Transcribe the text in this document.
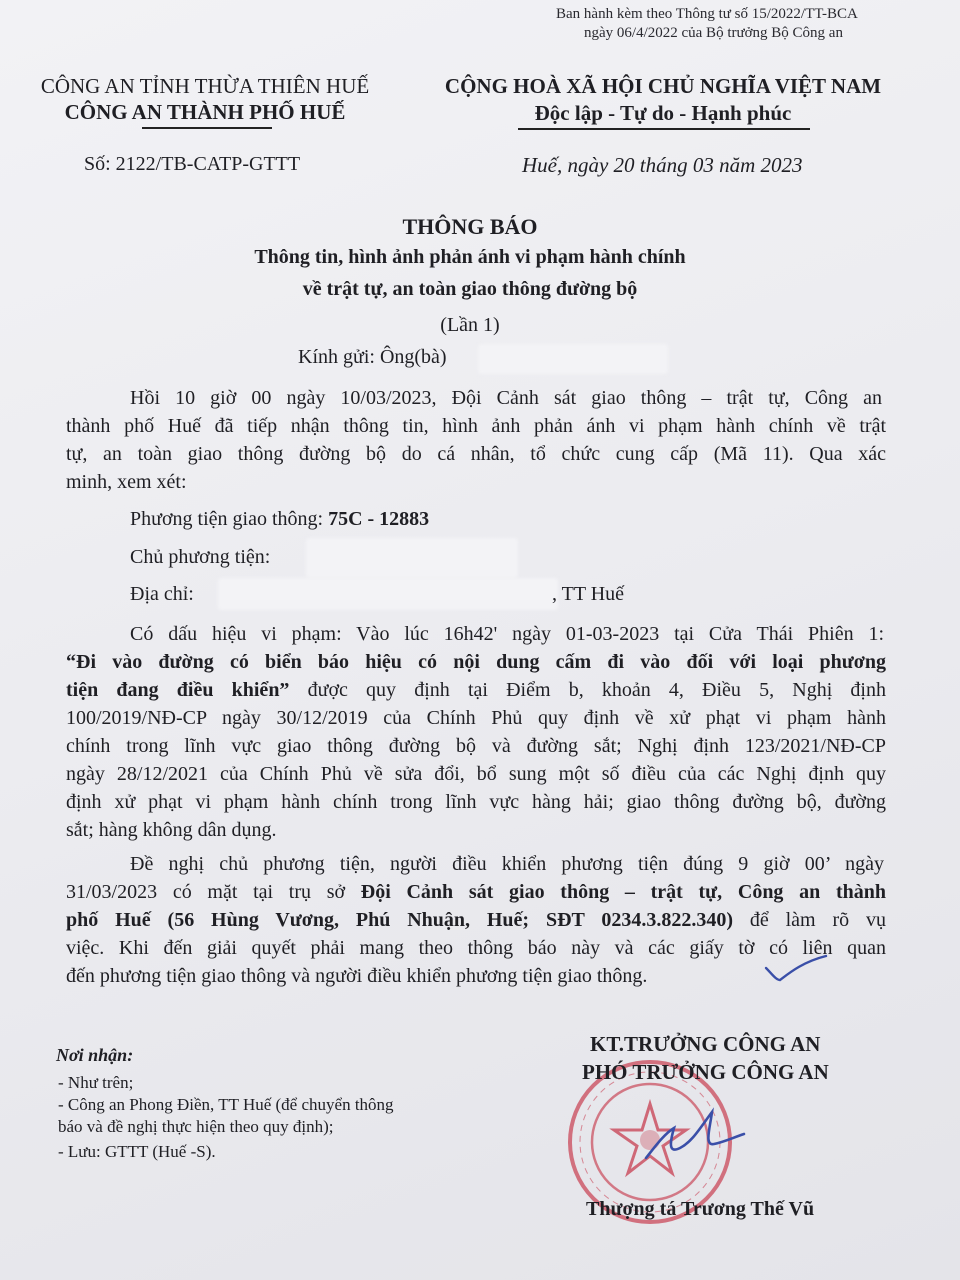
Ban hành kèm theo Thông tư số 15/2022/TT-BCA
ngày 06/4/2022 của Bộ trưởng Bộ Công an
CÔNG AN TỈNH THỪA THIÊN HUẾ
CÔNG AN THÀNH PHỐ HUẾ
Số: 2122/TB-CATP-GTTT
CỘNG HOÀ XÃ HỘI CHỦ NGHĨA VIỆT NAM
Độc lập - Tự do - Hạnh phúc
Huế, ngày 20 tháng 03 năm 2023
THÔNG BÁO
Thông tin, hình ảnh phản ánh vi phạm hành chính
về trật tự, an toàn giao thông đường bộ
(Lần 1)
Kính gửi: Ông(bà)
Hồi 10 giờ 00 ngày 10/03/2023, Đội Cảnh sát giao thông – trật tự, Công an
thành phố Huế đã tiếp nhận thông tin, hình ảnh phản ánh vi phạm hành chính về trật
tự, an toàn giao thông đường bộ do cá nhân, tổ chức cung cấp (Mã 11). Qua xác
minh, xem xét:
Phương tiện giao thông: 75C - 12883
Chủ phương tiện:
Địa chỉ:	, TT Huế
Có dấu hiệu vi phạm: Vào lúc 16h42' ngày 01-03-2023 tại Cửa Thái Phiên 1:
“Đi vào đường có biển báo hiệu có nội dung cấm đi vào đối với loại phương
tiện đang điều khiển” được quy định tại Điểm b, khoản 4, Điều 5, Nghị định
100/2019/NĐ-CP ngày 30/12/2019 của Chính Phủ quy định về xử phạt vi phạm hành
chính trong lĩnh vực giao thông đường bộ và đường sắt; Nghị định 123/2021/NĐ-CP
ngày 28/12/2021 của Chính Phủ về sửa đổi, bổ sung một số điều của các Nghị định quy
định xử phạt vi phạm hành chính trong lĩnh vực hàng hải; giao thông đường bộ, đường
sắt; hàng không dân dụng.
Đề nghị chủ phương tiện, người điều khiển phương tiện đúng 9 giờ 00’ ngày
31/03/2023 có mặt tại trụ sở Đội Cảnh sát giao thông – trật tự, Công an thành
phố Huế (56 Hùng Vương, Phú Nhuận, Huế; SĐT 0234.3.822.340) để làm rõ vụ
việc. Khi đến giải quyết phải mang theo thông báo này và các giấy tờ có liên quan
đến phương tiện giao thông và người điều khiển phương tiện giao thông.
Nơi nhận:
- Như trên;
- Công an Phong Điền, TT Huế (để chuyển thông
báo và đề nghị thực hiện theo quy định);
- Lưu: GTTT (Huế -S).
KT.TRƯỞNG CÔNG AN
PHÓ TRƯỞNG CÔNG AN
Thượng tá Trương Thế Vũ
